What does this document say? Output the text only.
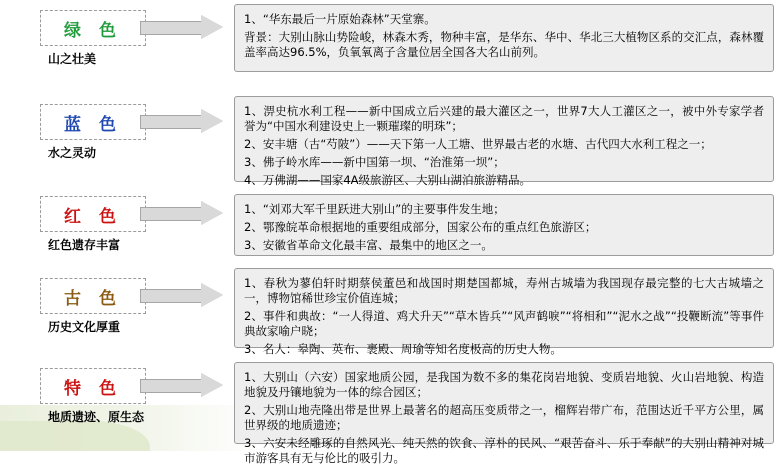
绿 色
山之壮美
蓝 色
水之灵动
红 色
红色遗存丰富
古 色
历史文化厚重
特 色
地质遗迹、原生态

1、“华东最后一片原始森林”天堂寨。

背景：大别山脉山势险峻，林森木秀，物种丰富，是华东、华中、华北三大植物区系的交汇点，森林覆盖率高达96.5%，负氧氧离子含量位居全国各大名山前列。

1、淠史杭水利工程——新中国成立后兴建的最大灌区之一，世界7大人工灌区之一，被中外专家学者誉为“中国水利建设史上一颗璀璨的明珠”；

2、安丰塘（古“芍陂”）——天下第一人工塘、世界最古老的水塘、古代四大水利工程之一；

3、佛子岭水库——新中国第一坝、“治淮第一坝”；

4、万佛湖——国家4A级旅游区、大别山湖泊旅游精品。

1、“刘邓大军千里跃进大别山”的主要事件发生地；

2、鄂豫皖革命根据地的重要组成部分，国家公布的重点红色旅游区；

3、安徽省革命文化最丰富、最集中的地区之一。

1、春秋为蓼伯轩时期蔡侯董邑和战国时期楚国都城，寿州古城墙为我国现存最完整的七大古城墙之一，博物馆稀世珍宝价值连城；

2、事件和典故：“一人得道、鸡犬升天”“草木皆兵”“风声鹤唳”“将相和”“泥水之战”“投鞭断流”等事件典故家喻户晓；

3、名人：皋陶、英布、裹殿、周瑜等知名度极高的历史人物。

1、大别山（六安）国家地质公园，是我国为数不多的集花岗岩地貌、变质岩地貌、火山岩地貌、构造地貌及丹镶地貌为一体的综合园区；

2、大别山地壳隆出带是世界上最著名的超高压变质带之一，榴辉岩带广布，范围达近千平方公里，属世界级的地质遗迹；

3、六安未经雕琢的自然风光、纯天然的饮食、淳朴的民风、“艰苦奋斗、乐于奉献”的大别山精神对城市游客具有无与伦比的吸引力。
